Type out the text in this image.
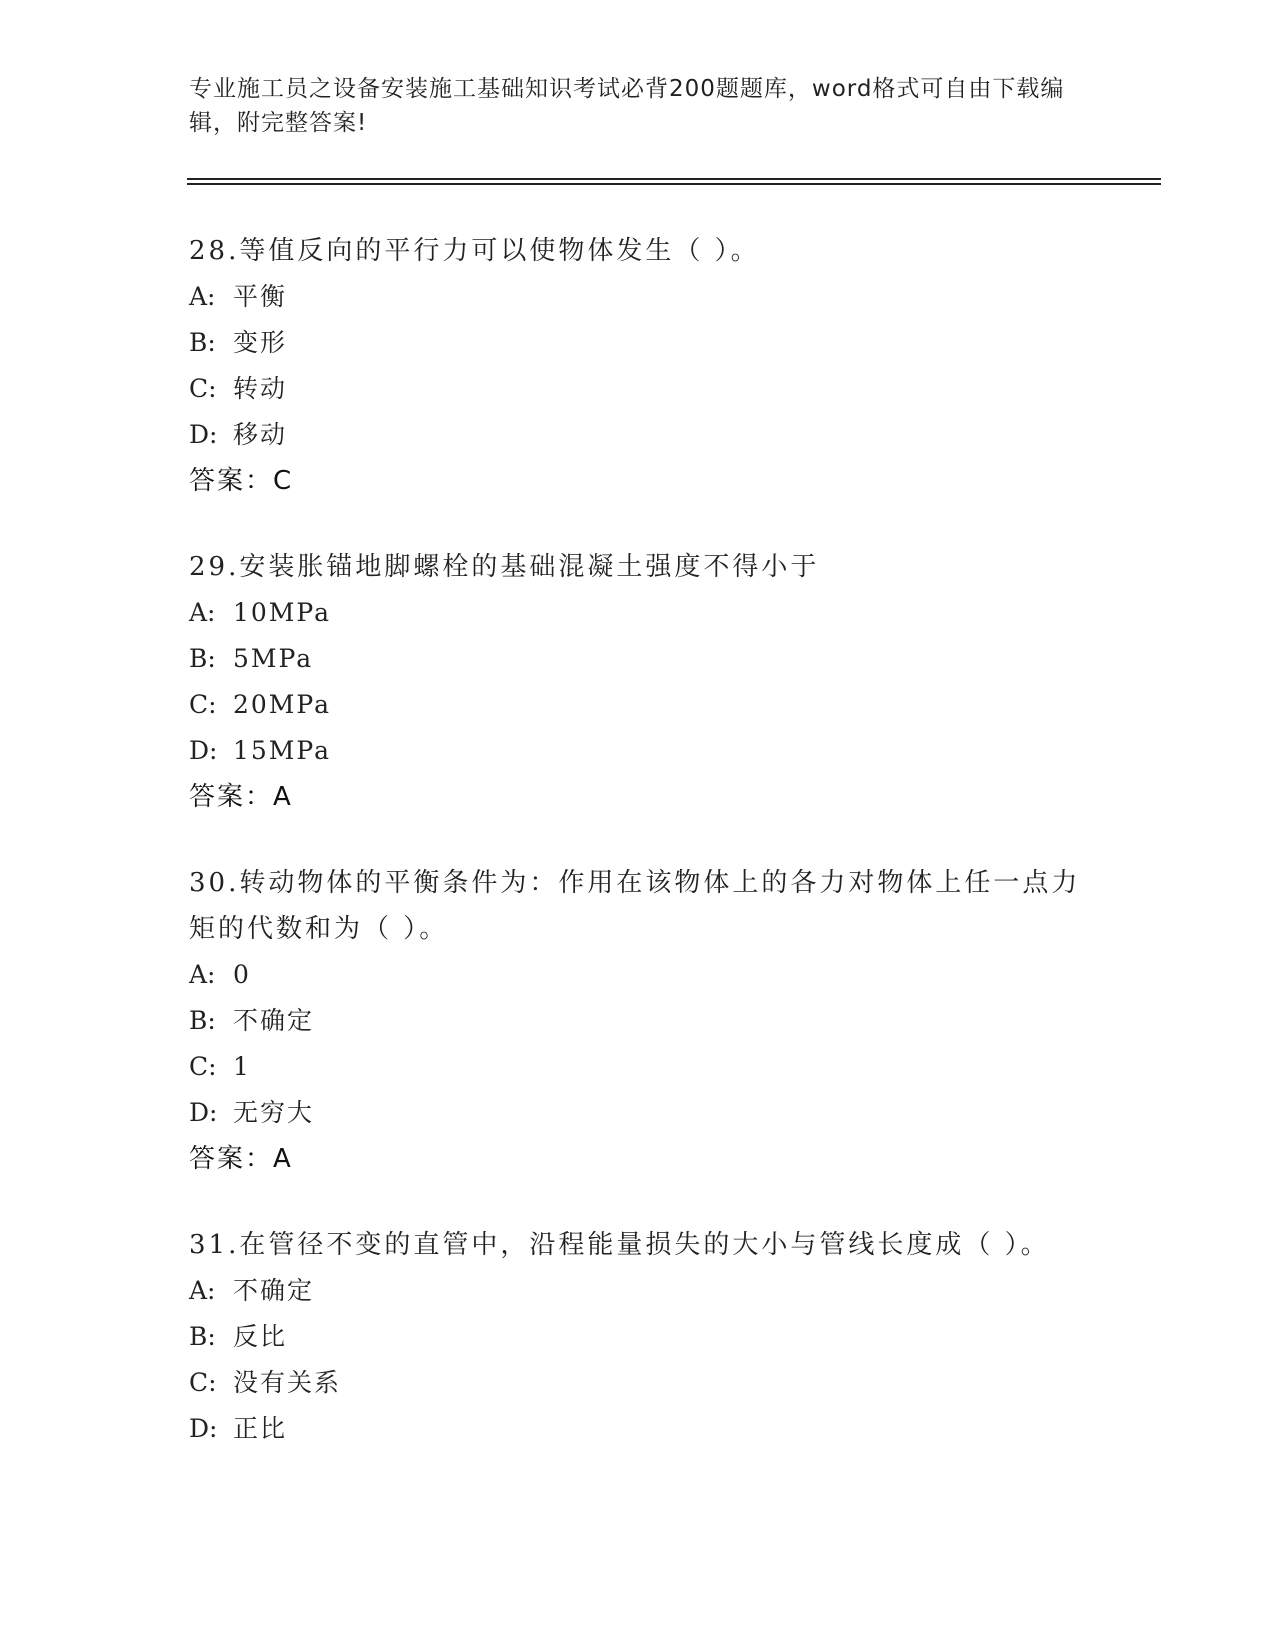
专业施工员之设备安装施工基础知识考试必背200题题库，word格式可自由下载编辑，附完整答案!
28.等值反向的平行力可以使物体发生（ ）。
A: 平衡
B: 变形
C: 转动
D: 移动
答案：C
29.安装胀锚地脚螺栓的基础混凝土强度不得小于
A: 10MPa
B: 5MPa
C: 20MPa
D: 15MPa
答案：A
30.转动物体的平衡条件为：作用在该物体上的各力对物体上任一点力矩的代数和为（ ）。
A: 0
B: 不确定
C: 1
D: 无穷大
答案：A
31.在管径不变的直管中，沿程能量损失的大小与管线长度成（ ）。
A: 不确定
B: 反比
C: 没有关系
D: 正比
